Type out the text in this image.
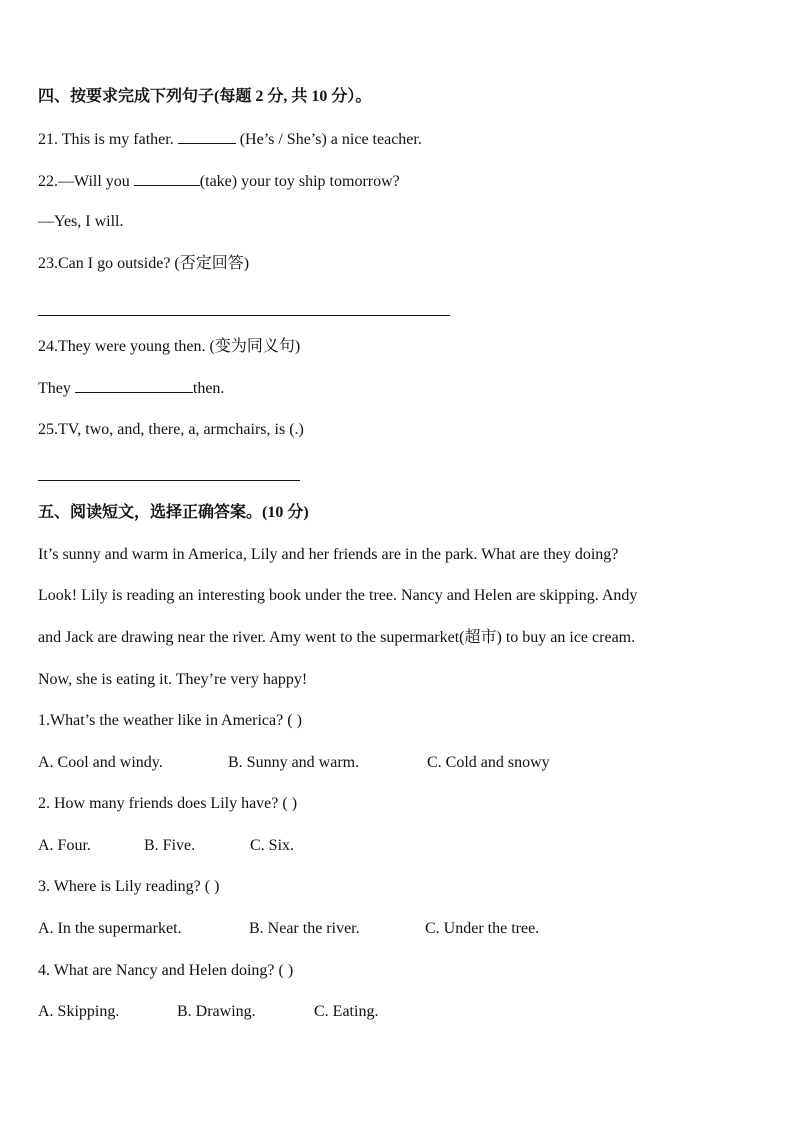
四、按要求完成下列句子(每题 2 分, 共 10 分）。
21. This is my father.	(He’s / She’s) a nice teacher.
22.—Will you	(take) your toy ship tomorrow?
—Yes, I will.
23.Can I go outside? (否定回答)
24.They were young then. (变为同义句)
They	then.
25.TV, two, and, there, a, armchairs, is (.)
五、阅读短文，选择正确答案。(10 分)
It’s sunny and warm in America, Lily and her friends are in the park. What are they doing?
Look! Lily is reading an interesting book under the tree. Nancy and Helen are skipping. Andy
and Jack are drawing near the river. Amy went to the supermarket(超市) to buy an ice cream.
Now, she is eating it. They’re very happy!
1.What’s the weather like in America? ( )
A. Cool and windy.	B. Sunny and warm.	C. Cold and snowy
2. How many friends does Lily have? ( )
A. Four.	B. Five.	C. Six.
3. Where is Lily reading? ( )
A. In the supermarket.	B. Near the river.	C. Under the tree.
4. What are Nancy and Helen doing? ( )
A. Skipping.	B. Drawing.	C. Eating.
